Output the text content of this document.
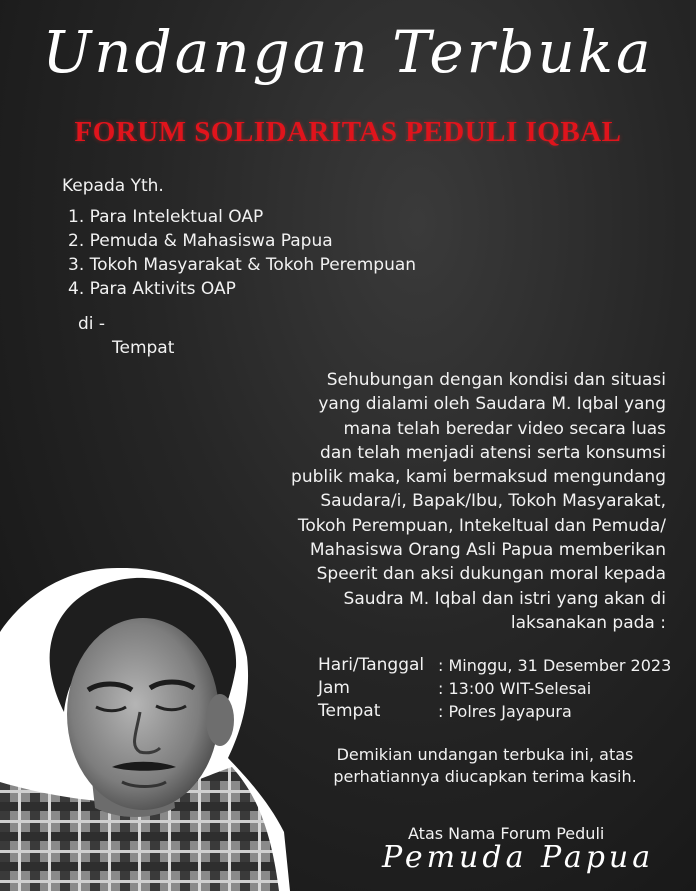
Undangan Terbuka
FORUM SOLIDARITAS PEDULI IQBAL
Kepada Yth.
1. Para Intelektual OAP
2. Pemuda & Mahasiswa Papua
3. Tokoh Masyarakat & Tokoh Perempuan
4. Para Aktivits OAP
di -
Tempat

Sehubungan dengan kondisi dan situasi
yang dialami oleh Saudara M. Iqbal yang
mana telah beredar video secara luas
dan telah menjadi atensi serta konsumsi
publik maka, kami bermaksud mengundang
Saudara/i, Bapak/Ibu, Tokoh Masyarakat,
Tokoh Perempuan, Intekeltual dan Pemuda/
Mahasiswa Orang Asli Papua memberikan
Speerit dan aksi dukungan moral kepada
Saudra M. Iqbal dan istri yang akan di
laksanakan pada :

Hari/Tanggal : Minggu, 31 Desember 2023
Jam	: 13:00 WIT-Selesai
Tempat	: Polres Jayapura

Demikian undangan terbuka ini, atas
perhatiannya diucapkan terima kasih.

Atas Nama Forum Peduli
Pemuda Papua
